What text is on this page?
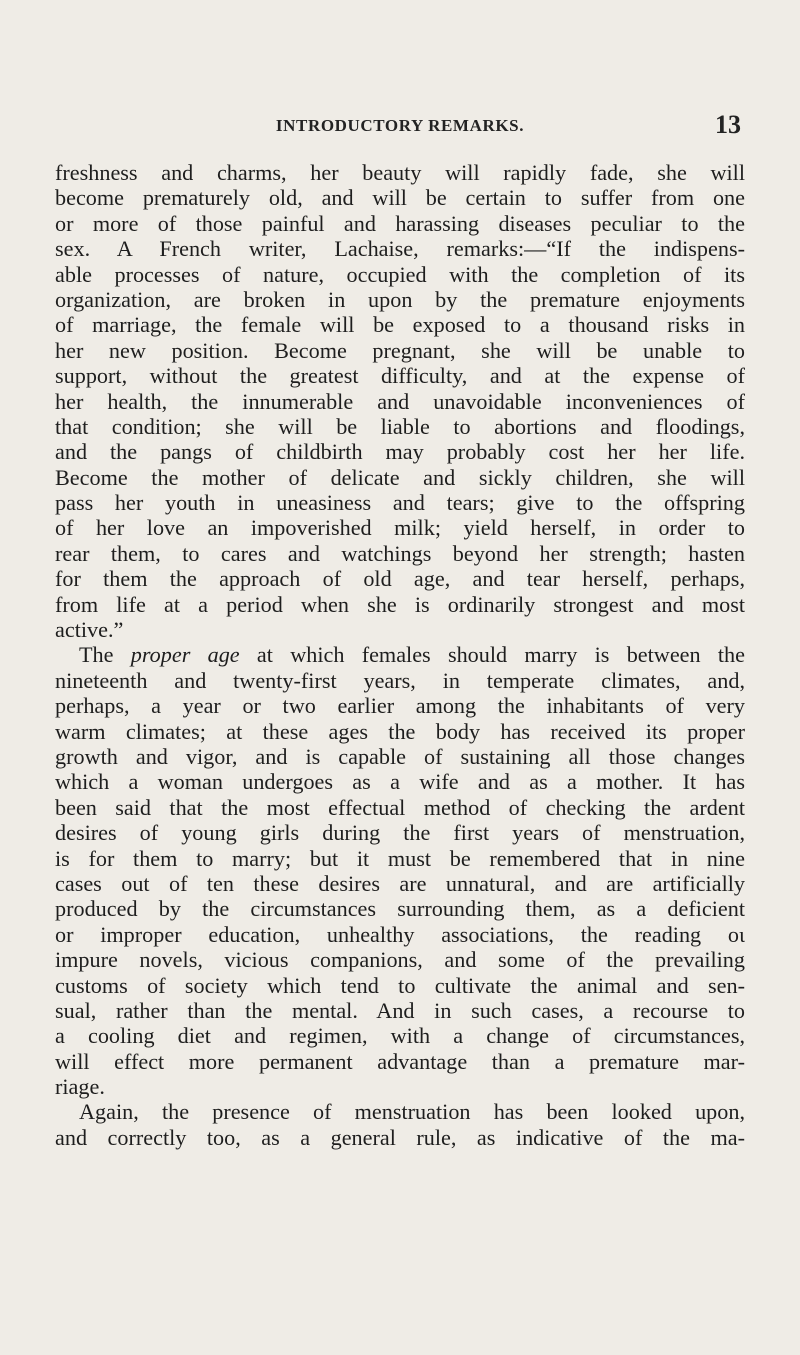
INTRODUCTORY REMARKS.	13
freshness and charms, her beauty will rapidly fade, she will
become prematurely old, and will be certain to suffer from one
or more of those painful and harassing diseases peculiar to the
sex. A French writer, Lachaise, remarks:—“If the indispens-
able processes of nature, occupied with the completion of its
organization, are broken in upon by the premature enjoyments
of marriage, the female will be exposed to a thousand risks in
her new position. Become pregnant, she will be unable to
support, without the greatest difficulty, and at the expense of
her health, the innumerable and unavoidable inconveniences of
that condition; she will be liable to abortions and floodings,
and the pangs of childbirth may probably cost her her life.
Become the mother of delicate and sickly children, she will
pass her youth in uneasiness and tears; give to the offspring
of her love an impoverished milk; yield herself, in order to
rear them, to cares and watchings beyond her strength; hasten
for them the approach of old age, and tear herself, perhaps,
from life at a period when she is ordinarily strongest and most
active.”
The proper age at which females should marry is between the
nineteenth and twenty-first years, in temperate climates, and,
perhaps, a year or two earlier among the inhabitants of very
warm climates; at these ages the body has received its proper
growth and vigor, and is capable of sustaining all those changes
which a woman undergoes as a wife and as a mother. It has
been said that the most effectual method of checking the ardent
desires of young girls during the first years of menstruation,
is for them to marry; but it must be remembered that in nine
cases out of ten these desires are unnatural, and are artificially
produced by the circumstances surrounding them, as a deficient
or improper education, unhealthy associations, the reading oι
impure novels, vicious companions, and some of the prevailing
customs of society which tend to cultivate the animal and sen-
sual, rather than the mental. And in such cases, a recourse to
a cooling diet and regimen, with a change of circumstances,
will effect more permanent advantage than a premature mar-
riage.
Again, the presence of menstruation has been looked upon,
and correctly too, as a general rule, as indicative of the ma-
